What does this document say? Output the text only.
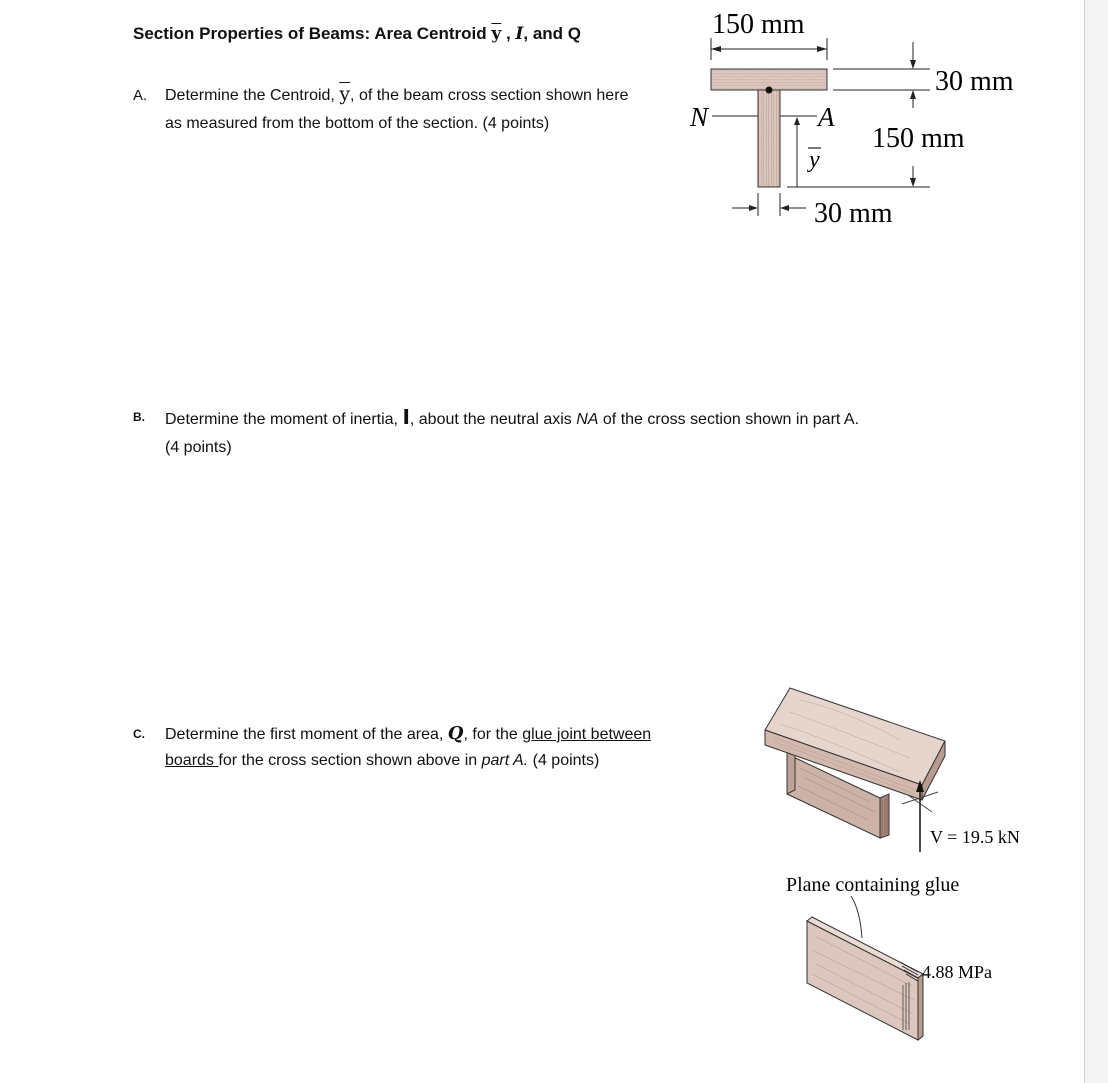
Section Properties of Beams: Area Centroid $\overline{y}$ , I, and Q
A. Determine the Centroid, $\overline{y}$, of the beam cross section shown here
as measured from the bottom of the section. (4 points)
B. Determine the moment of inertia, I, about the neutral axis NA of the cross section shown in part A.
(4 points)
C. Determine the first moment of the area, Q, for the glue joint between
boards for the cross section shown above in part A. (4 points)
150 mm
30 mm
150 mm
N	A
y
30 mm
V = 19.5 kN
Plane containing glue
4.88 MPa
